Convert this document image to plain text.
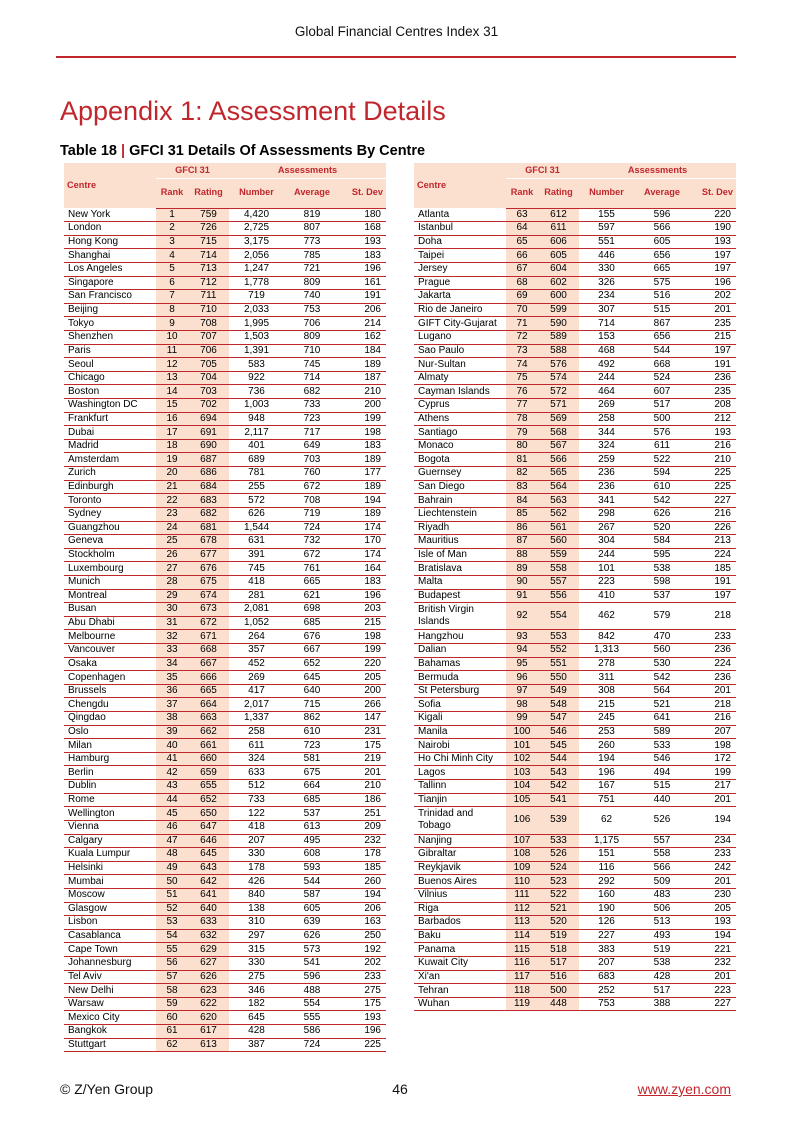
Global Financial Centres Index 31
Appendix 1: Assessment Details
Table 18 | GFCI 31 Details Of Assessments By Centre
Centre	GFCI 31		Assessments		
	Rank	Rating	Number	Average	St. Dev
New York	1	759	4,420	819	180
London	2	726	2,725	807	168
Hong Kong	3	715	3,175	773	193
Shanghai	4	714	2,056	785	183
Los Angeles	5	713	1,247	721	196
Singapore	6	712	1,778	809	161
San Francisco	7	711	719	740	191
Beijing	8	710	2,033	753	206
Tokyo	9	708	1,995	706	214
Shenzhen	10	707	1,503	809	162
Paris	11	706	1,391	710	184
Seoul	12	705	583	745	189
Chicago	13	704	922	714	187
Boston	14	703	736	682	210
Washington DC	15	702	1,003	733	200
Frankfurt	16	694	948	723	199
Dubai	17	691	2,117	717	198
Madrid	18	690	401	649	183
Amsterdam	19	687	689	703	189
Zurich	20	686	781	760	177
Edinburgh	21	684	255	672	189
Toronto	22	683	572	708	194
Sydney	23	682	626	719	189
Guangzhou	24	681	1,544	724	174
Geneva	25	678	631	732	170
Stockholm	26	677	391	672	174
Luxembourg	27	676	745	761	164
Munich	28	675	418	665	183
Montreal	29	674	281	621	196
Busan	30	673	2,081	698	203
Abu Dhabi	31	672	1,052	685	215
Melbourne	32	671	264	676	198
Vancouver	33	668	357	667	199
Osaka	34	667	452	652	220
Copenhagen	35	666	269	645	205
Brussels	36	665	417	640	200
Chengdu	37	664	2,017	715	266
Qingdao	38	663	1,337	862	147
Oslo	39	662	258	610	231
Milan	40	661	611	723	175
Hamburg	41	660	324	581	219
Berlin	42	659	633	675	201
Dublin	43	655	512	664	210
Rome	44	652	733	685	186
Wellington	45	650	122	537	251
Vienna	46	647	418	613	209
Calgary	47	646	207	495	232
Kuala Lumpur	48	645	330	608	178
Helsinki	49	643	178	593	185
Mumbai	50	642	426	544	260
Moscow	51	641	840	587	194
Glasgow	52	640	138	605	206
Lisbon	53	633	310	639	163
Casablanca	54	632	297	626	250
Cape Town	55	629	315	573	192
Johannesburg	56	627	330	541	202
Tel Aviv	57	626	275	596	233
New Delhi	58	623	346	488	275
Warsaw	59	622	182	554	175
Mexico City	60	620	645	555	193
Bangkok	61	617	428	586	196
Stuttgart	62	613	387	724	225
Centre	GFCI 31		Assessments		
	Rank	Rating	Number	Average	St. Dev
Atlanta	63	612	155	596	220
Istanbul	64	611	597	566	190
Doha	65	606	551	605	193
Taipei	66	605	446	656	197
Jersey	67	604	330	665	197
Prague	68	602	326	575	196
Jakarta	69	600	234	516	202
Rio de Janeiro	70	599	307	515	201
GIFT City-Gujarat	71	590	714	867	235
Lugano	72	589	153	656	215
Sao Paulo	73	588	468	544	197
Nur-Sultan	74	576	492	668	191
Almaty	75	574	244	524	236
Cayman Islands	76	572	464	607	235
Cyprus	77	571	269	517	208
Athens	78	569	258	500	212
Santiago	79	568	344	576	193
Monaco	80	567	324	611	216
Bogota	81	566	259	522	210
Guernsey	82	565	236	594	225
San Diego	83	564	236	610	225
Bahrain	84	563	341	542	227
Liechtenstein	85	562	298	626	216
Riyadh	86	561	267	520	226
Mauritius	87	560	304	584	213
Isle of Man	88	559	244	595	224
Bratislava	89	558	101	538	185
Malta	90	557	223	598	191
Budapest	91	556	410	537	197
British Virgin Islands	92	554	462	579	218
Hangzhou	93	553	842	470	233
Dalian	94	552	1,313	560	236
Bahamas	95	551	278	530	224
Bermuda	96	550	311	542	236
St Petersburg	97	549	308	564	201
Sofia	98	548	215	521	218
Kigali	99	547	245	641	216
Manila	100	546	253	589	207
Nairobi	101	545	260	533	198
Ho Chi Minh City	102	544	194	546	172
Lagos	103	543	196	494	199
Tallinn	104	542	167	515	217
Tianjin	105	541	751	440	201
Trinidad and Tobago	106	539	62	526	194
Nanjing	107	533	1,175	557	234
Gibraltar	108	526	151	558	233
Reykjavik	109	524	116	566	242
Buenos Aires	110	523	292	509	201
Vilnius	111	522	160	483	230
Riga	112	521	190	506	205
Barbados	113	520	126	513	193
Baku	114	519	227	493	194
Panama	115	518	383	519	221
Kuwait City	116	517	207	538	232
Xi'an	117	516	683	428	201
Tehran	118	500	252	517	223
Wuhan	119	448	753	388	227
© Z/Yen Group	46	www.zyen.com
